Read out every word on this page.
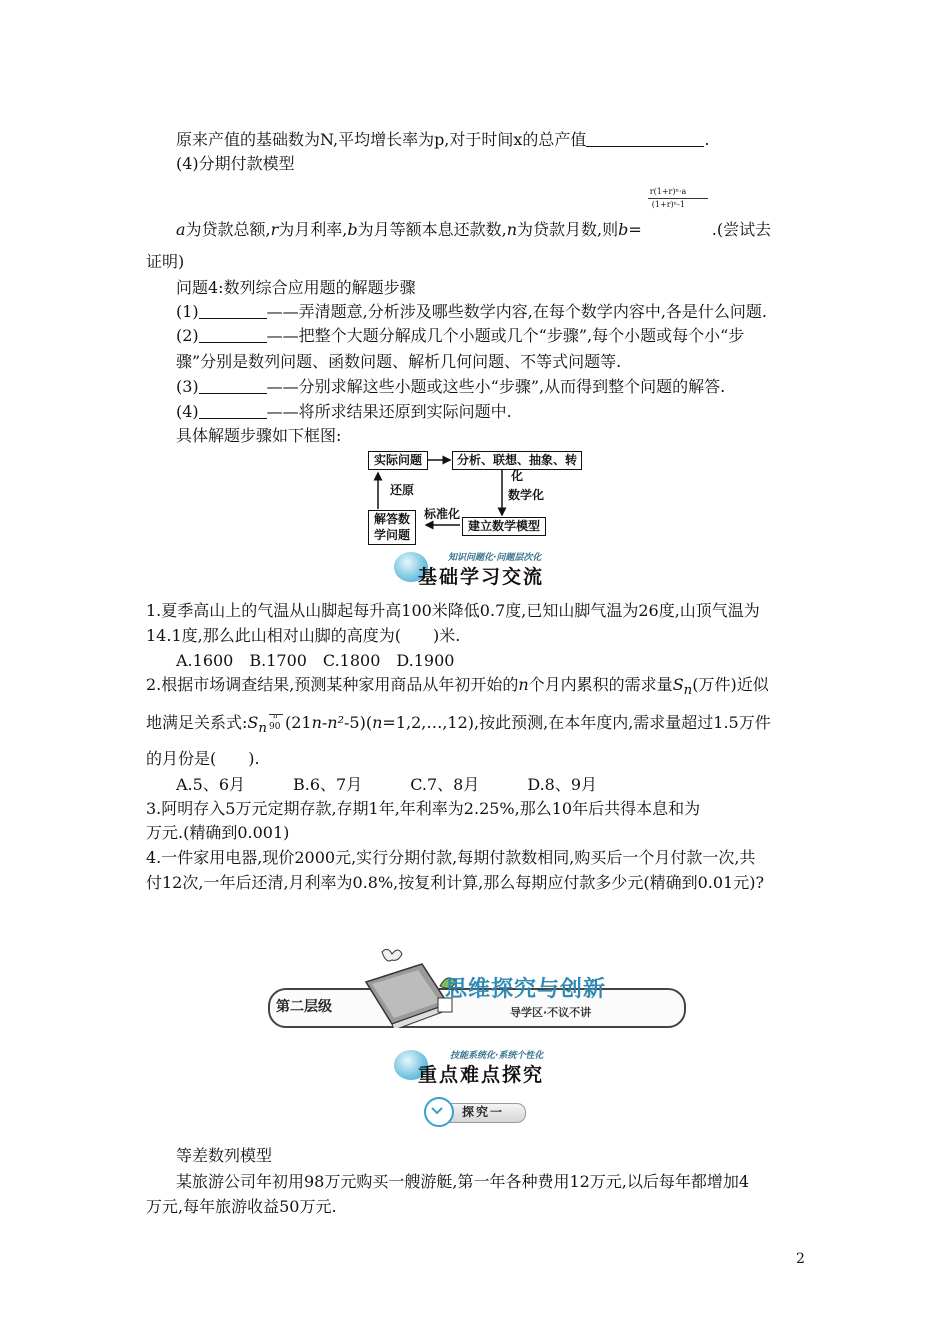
原来产值的基础数为N,平均增长率为p,对于时间x的总产值	.
(4)分期付款模型
a为贷款总额,r为月利率,b为月等额本息还款数,n为贷款月数,则b=
$\frac{\text{r(1+r)ⁿ·a}}{\text{(1+r)ⁿ-1}}$
.(尝试去
证明)
问题4:数列综合应用题的解题步骤
(1)	——弄清题意,分析涉及哪些数学内容,在每个数学内容中,各是什么问题.
(2)	——把整个大题分解成几个小题或几个“步骤”,每个小题或每个小“步
骤”分别是数列问题、函数问题、解析几何问题、不等式问题等.
(3)	——分别求解这些小题或这些小“步骤”,从而得到整个问题的解答.
(4)	——将所求结果还原到实际问题中.
具体解题步骤如下框图:
实际问题	分析、联想、抽象、转化
建立数学模型
解答数学问题
数学化
还原
标准化
知识问题化·问题层次化
基础学习交流
1.夏季高山上的气温从山脚起每升高100米降低0.7度,已知山脚气温为26度,山顶气温为
14.1度,那么此山相对山脚的高度为(　　)米.
A.1600　B.1700　C.1800　D.1900
2.根据市场调查结果,预测某种家用商品从年初开始的n个月内累积的需求量$S_n$(万件)近似
地满足关系式$:S_n$
n
90 (21n-n²-5)(n=1,2,…,12),按此预测,在本年度内,需求量超过1.5万件
的月份是(　　).
A.5、6月　　　B.6、7月　　　C.7、8月　　　D.8、9月
3.阿明存入5万元定期存款,存期1年,年利率为2.25%,那么10年后共得本息和为
万元.(精确到0.001)
4.一件家用电器,现价2000元,实行分期付款,每期付款数相同,购买后一个月付款一次,共
付12次,一年后还清,月利率为0.8%,按复利计算,那么每期应付款多少元(精确到0.01元)?
第二层级
思维探究与创新
导学区·不议不讲
技能系统化·系统个性化
重点难点探究
探究一
等差数列模型
某旅游公司年初用98万元购买一艘游艇,第一年各种费用12万元,以后每年都增加4
万元,每年旅游收益50万元.
2
